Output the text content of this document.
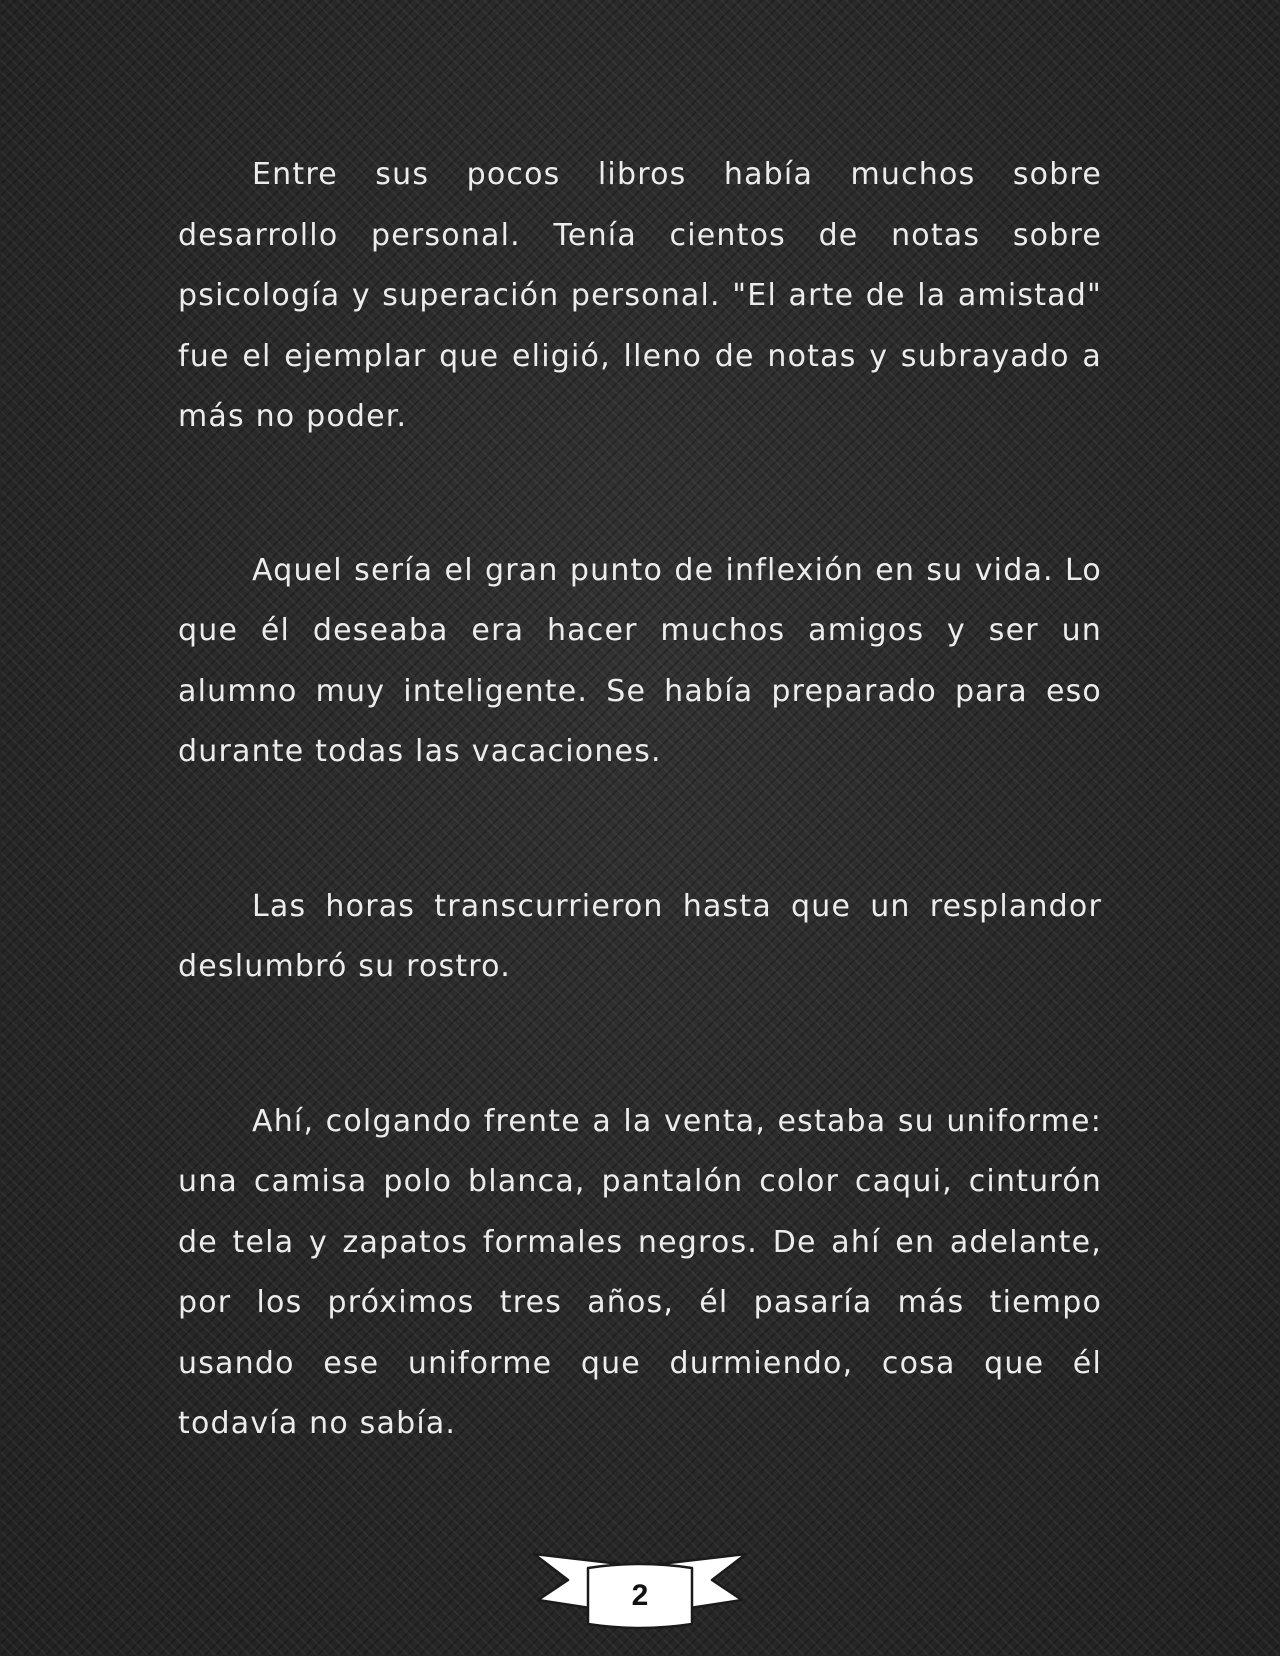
Entre sus pocos libros había muchos sobre desarrollo personal. Tenía cientos de notas sobre psicología y superación personal. "El arte de la amistad" fue el ejemplar que eligió, lleno de notas y subrayado a más no poder.

Aquel sería el gran punto de inflexión en su vida. Lo que él deseaba era hacer muchos amigos y ser un alumno muy inteligente. Se había preparado para eso durante todas las vacaciones.

Las horas transcurrieron hasta que un resplandor deslumbró su rostro.

Ahí, colgando frente a la venta, estaba su uniforme: una camisa polo blanca, pantalón color caqui, cinturón de tela y zapatos formales negros. De ahí en adelante, por los próximos tres años, él pasaría más tiempo usando ese uniforme que durmiendo, cosa que él todavía no sabía.

2
